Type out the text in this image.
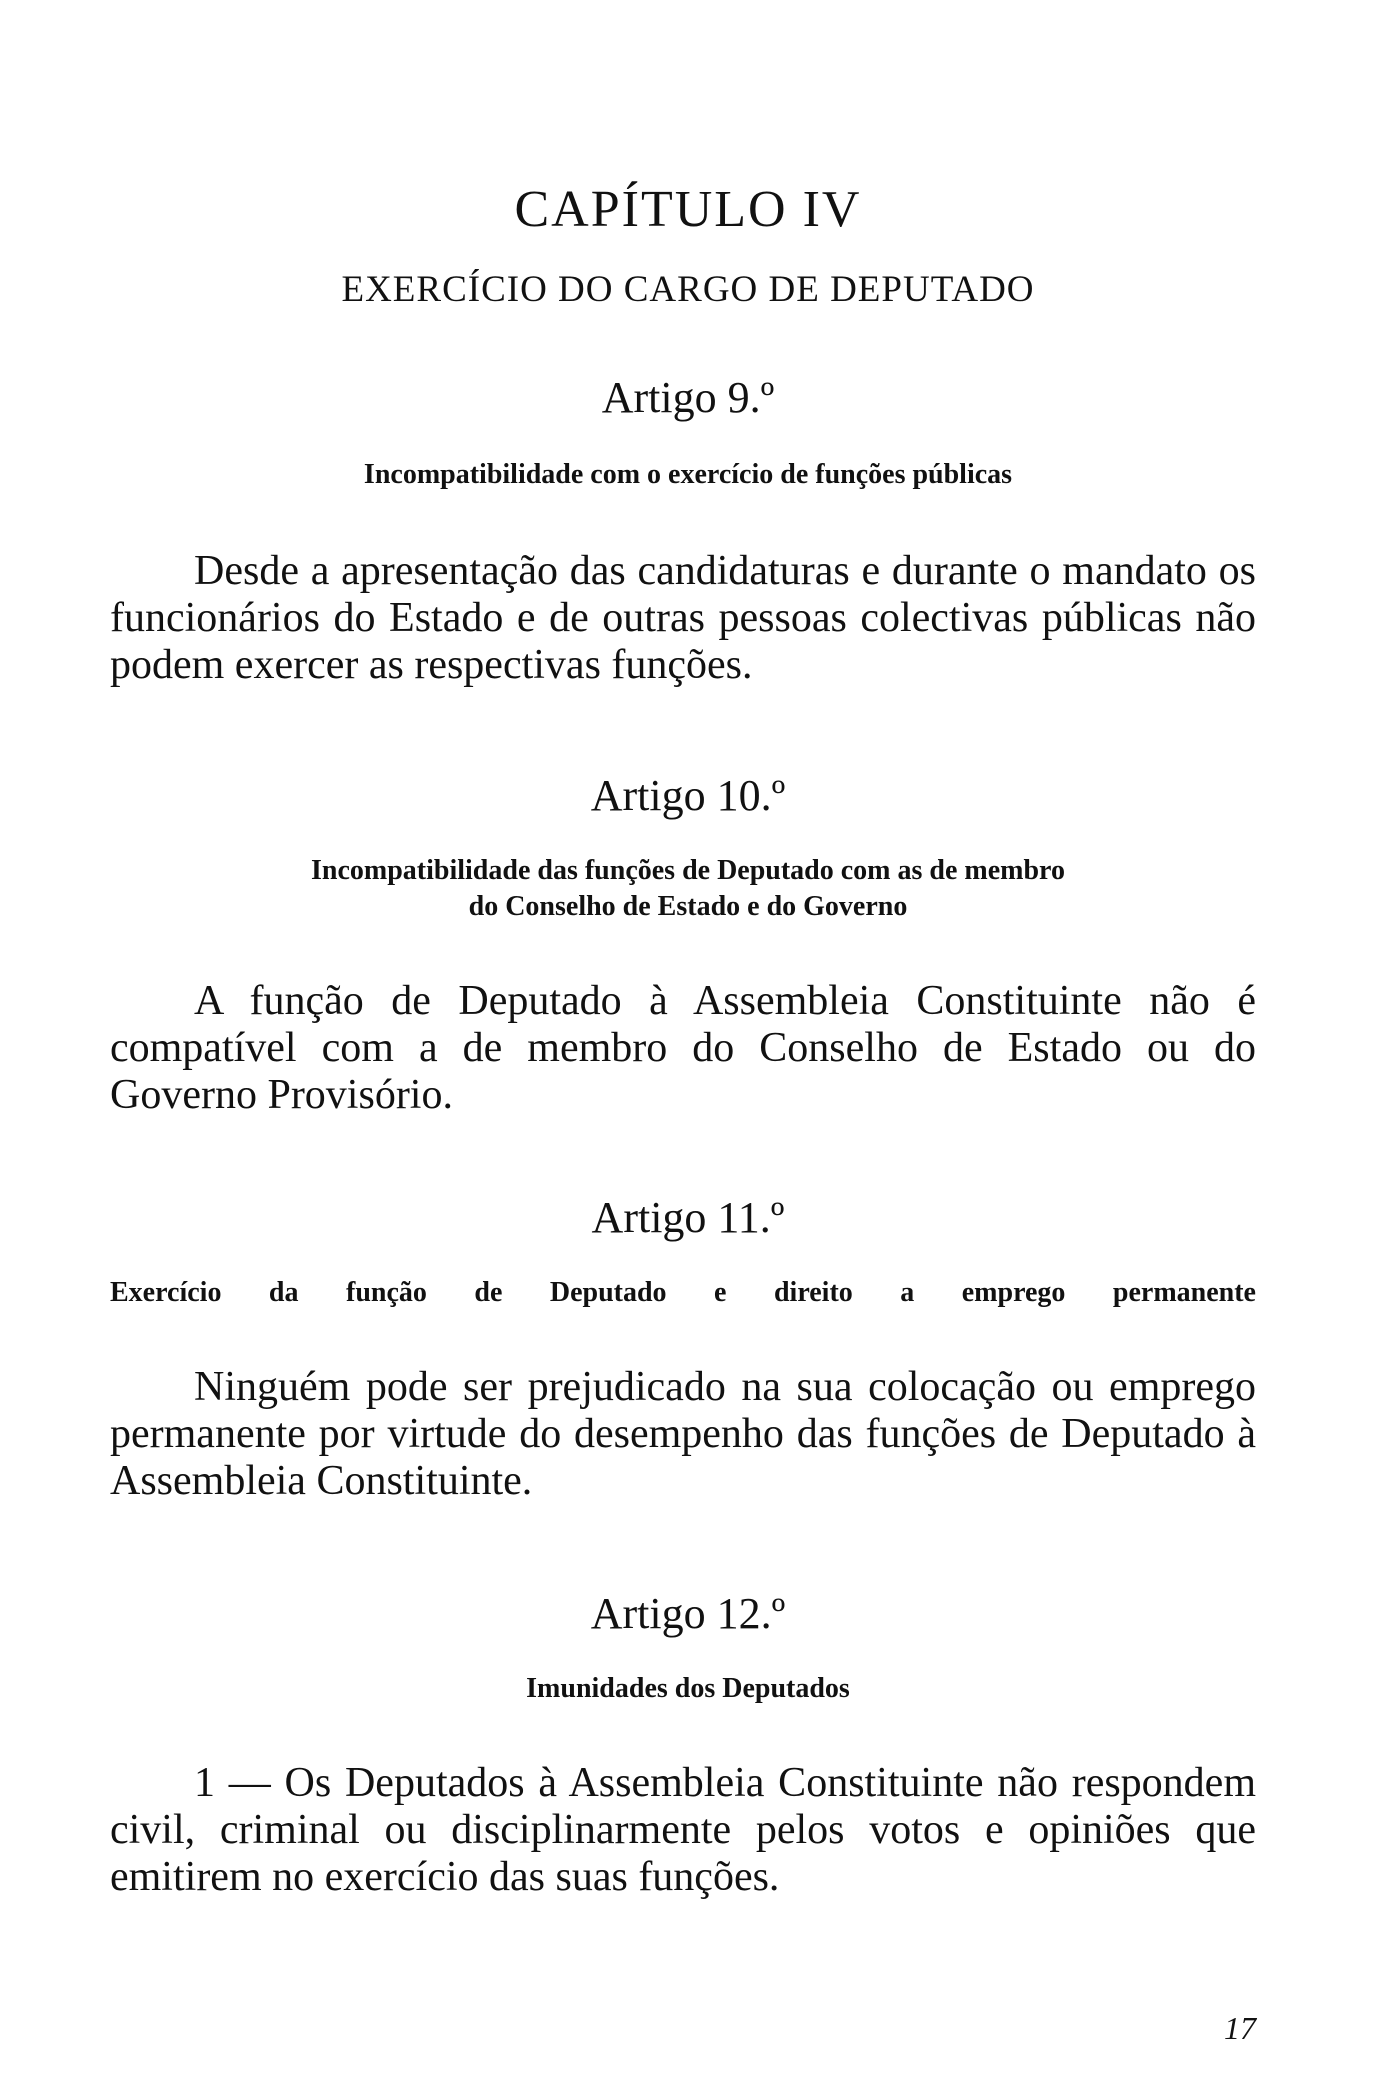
CAPÍTULO IV
EXERCÍCIO DO CARGO DE DEPUTADO
Artigo 9.º
Incompatibilidade com o exercício de funções públicas
Desde a apresentação das candidaturas e durante o mandato os funcionários do Estado e de outras pessoas colectivas públicas não podem exercer as respectivas funções.
Artigo 10.º
Incompatibilidade das funções de Deputado com as de membro
do Conselho de Estado e do Governo
A função de Deputado à Assembleia Constituinte não é compatível com a de membro do Conselho de Estado ou do Governo Provisório.
Artigo 11.º
Exercício da função de Deputado e direito a emprego permanente
Ninguém pode ser prejudicado na sua colocação ou emprego permanente por virtude do desempenho das funções de Deputado à Assembleia Constituinte.
Artigo 12.º
Imunidades dos Deputados
1 — Os Deputados à Assembleia Constituinte não respondem civil, criminal ou disciplinarmente pelos votos e opiniões que emitirem no exercício das suas funções.
17
